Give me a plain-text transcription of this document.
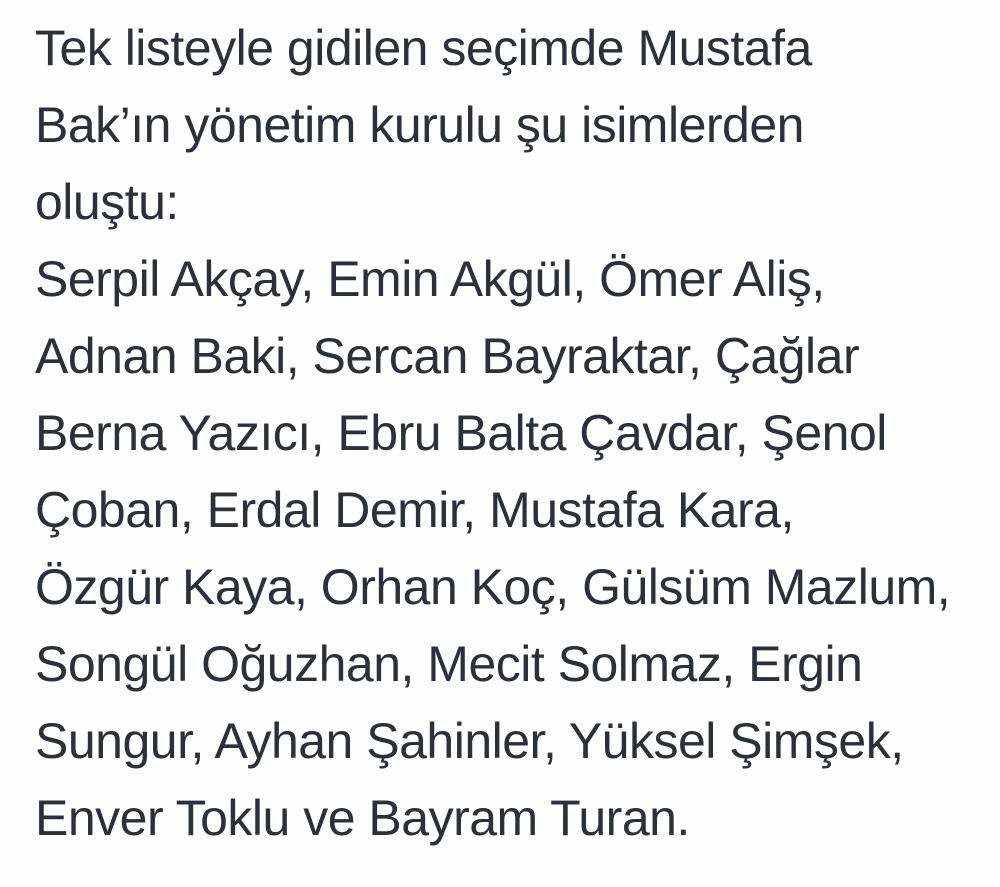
Tek listeyle gidilen seçimde Mustafa
Bak’ın yönetim kurulu şu isimlerden
oluştu:
Serpil Akçay, Emin Akgül, Ömer Aliş,
Adnan Baki, Sercan Bayraktar, Çağlar
Berna Yazıcı, Ebru Balta Çavdar, Şenol
Çoban, Erdal Demir, Mustafa Kara,
Özgür Kaya, Orhan Koç, Gülsüm Mazlum,
Songül Oğuzhan, Mecit Solmaz, Ergin
Sungur, Ayhan Şahinler, Yüksel Şimşek,
Enver Toklu ve Bayram Turan.
